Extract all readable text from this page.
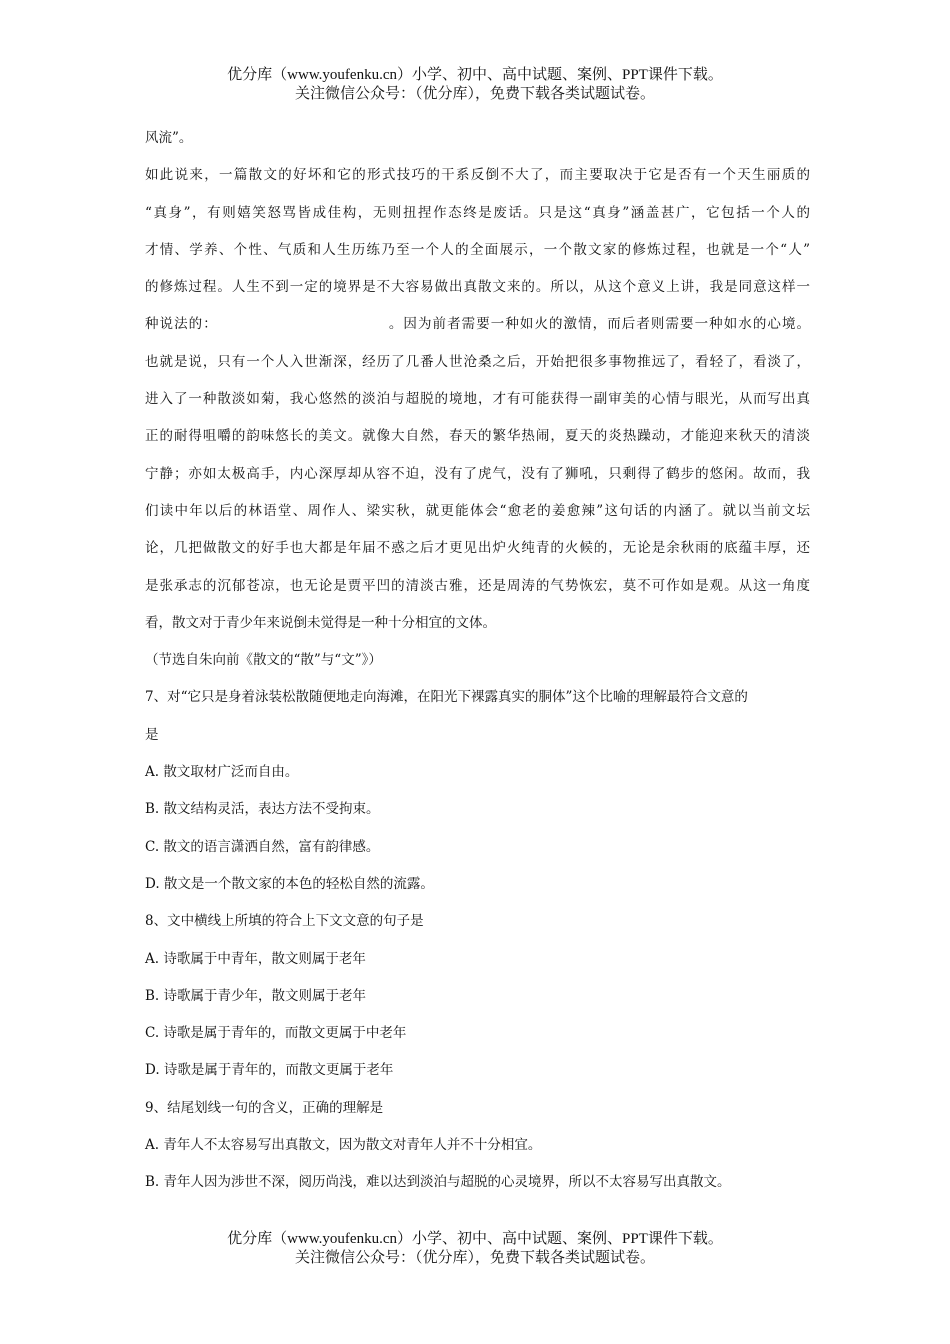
优分库（www.youfenku.cn）小学、初中、高中试题、案例、PPT课件下载。
关注微信公众号：（优分库），免费下载各类试题试卷。
风流”。
如此说来，一篇散文的好坏和它的形式技巧的干系反倒不大了，而主要取决于它是否有一个天生丽质的
“真身”，有则嬉笑怒骂皆成佳构，无则扭捏作态终是废话。只是这“真身”涵盖甚广，它包括一个人的
才情、学养、个性、气质和人生历练乃至一个人的全面展示，一个散文家的修炼过程，也就是一个“人”
的修炼过程。人生不到一定的境界是不大容易做出真散文来的。所以，从这个意义上讲，我是同意这样一
种说法的：	。因为前者需要一种如火的激情，而后者则需要一种如水的心境。
也就是说，只有一个人入世渐深，经历了几番人世沧桑之后，开始把很多事物推远了，看轻了，看淡了，
进入了一种散淡如菊，我心悠然的淡泊与超脱的境地，才有可能获得一副审美的心情与眼光，从而写出真
正的耐得咀嚼的韵味悠长的美文。就像大自然，春天的繁华热闹，夏天的炎热躁动，才能迎来秋天的清淡
宁静；亦如太极高手，内心深厚却从容不迫，没有了虎气，没有了狮吼，只剩得了鹤步的悠闲。故而，我
们读中年以后的林语堂、周作人、梁实秋，就更能体会“愈老的姜愈辣”这句话的内涵了。就以当前文坛
论，几把做散文的好手也大都是年届不惑之后才更见出炉火纯青的火候的，无论是余秋雨的底蕴丰厚，还
是张承志的沉郁苍凉，也无论是贾平凹的清淡古雅，还是周涛的气势恢宏，莫不可作如是观。从这一角度
看，散文对于青少年来说倒未觉得是一种十分相宜的文体。
（节选自朱向前《散文的“散”与“文”》）
7、对“它只是身着泳装松散随便地走向海滩，在阳光下裸露真实的胴体”这个比喻的理解最符合文意的
是
A. 散文取材广泛而自由。
B. 散文结构灵活，表达方法不受拘束。
C. 散文的语言潇洒自然，富有韵律感。
D. 散文是一个散文家的本色的轻松自然的流露。
8、文中横线上所填的符合上下文文意的句子是
A. 诗歌属于中青年，散文则属于老年
B. 诗歌属于青少年，散文则属于老年
C. 诗歌是属于青年的，而散文更属于中老年
D. 诗歌是属于青年的，而散文更属于老年
9、结尾划线一句的含义，正确的理解是
A. 青年人不太容易写出真散文，因为散文对青年人并不十分相宜。
B. 青年人因为涉世不深，阅历尚浅，难以达到淡泊与超脱的心灵境界，所以不太容易写出真散文。
优分库（www.youfenku.cn）小学、初中、高中试题、案例、PPT课件下载。
关注微信公众号：（优分库），免费下载各类试题试卷。
